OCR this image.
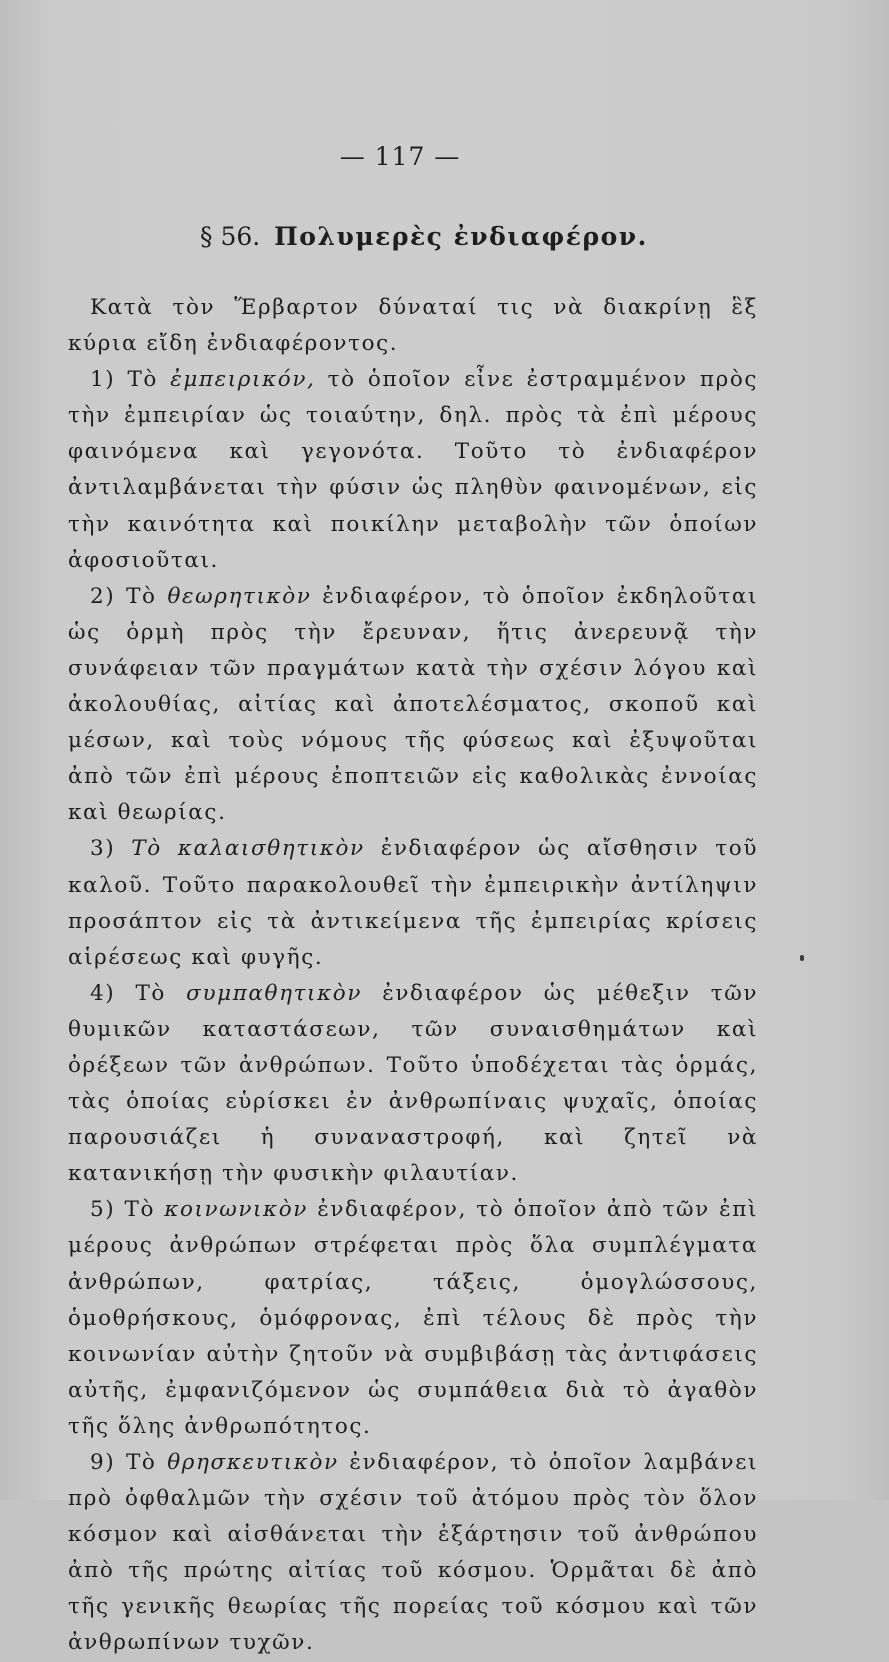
— 117 —
§ 56. Πολυμερὲς ἐνδιαφέρον.

Κατὰ τὸν Ἕρβαρτον δύναταί τις νὰ διακρίνῃ ἓξ κύρια εἴδη ἐνδιαφέροντος.

1) Τὸ ἐμπειρικόν, τὸ ὁποῖον εἶνε ἐστραμμένον πρὸς τὴν ἐμπειρίαν ὡς τοιαύτην, δηλ. πρὸς τὰ ἐπὶ μέρους φαινόμενα καὶ γεγονότα. Τοῦτο τὸ ἐνδιαφέρον ἀντιλαμβάνεται τὴν φύσιν ὡς πληθὺν φαινομένων, εἰς τὴν καινότητα καὶ ποικίλην μεταβολὴν τῶν ὁποίων ἀφοσιοῦται.

2) Τὸ θεωρητικὸν ἐνδιαφέρον, τὸ ὁποῖον ἐκδηλοῦται ὡς ὁρμὴ πρὸς τὴν ἔρευναν, ἥτις ἀνερευνᾷ τὴν συνάφειαν τῶν πραγμάτων κατὰ τὴν σχέσιν λόγου καὶ ἀκολουθίας, αἰτίας καὶ ἀποτελέσματος, σκοποῦ καὶ μέσων, καὶ τοὺς νόμους τῆς φύσεως καὶ ἐξυψοῦται ἀπὸ τῶν ἐπὶ μέρους ἐποπτειῶν εἰς καθολικὰς ἐννοίας καὶ θεωρίας.

3) Τὸ καλαισθητικὸν ἐνδιαφέρον ὡς αἴσθησιν τοῦ καλοῦ. Τοῦτο παρακολουθεῖ τὴν ἐμπειρικὴν ἀντίληψιν προσάπτον εἰς τὰ ἀντικείμενα τῆς ἐμπειρίας κρίσεις αἱρέσεως καὶ φυγῆς.

4) Τὸ συμπαθητικὸν ἐνδιαφέρον ὡς μέθεξιν τῶν θυμικῶν καταστάσεων, τῶν συναισθημάτων καὶ ὀρέξεων τῶν ἀνθρώπων. Τοῦτο ὑποδέχεται τὰς ὁρμάς, τὰς ὁποίας εὑρίσκει ἐν ἀνθρωπίναις ψυχαῖς, ὁποίας παρουσιάζει ἡ συναναστροφή, καὶ ζητεῖ νὰ κατανικήσῃ τὴν φυσικὴν φιλαυτίαν.

5) Τὸ κοινωνικὸν ἐνδιαφέρον, τὸ ὁποῖον ἀπὸ τῶν ἐπὶ μέρους ἀνθρώπων στρέφεται πρὸς ὅλα συμπλέγματα ἀνθρώπων, φατρίας, τάξεις, ὁμογλώσσους, ὁμοθρήσκους, ὁμόφρονας, ἐπὶ τέλους δὲ πρὸς τὴν κοινωνίαν αὐτὴν ζητοῦν νὰ συμβιβάσῃ τὰς ἀντιφάσεις αὐτῆς, ἐμφανιζόμενον ὡς συμπάθεια διὰ τὸ ἀγαθὸν τῆς ὅλης ἀνθρωπότητος.

9) Τὸ θρησκευτικὸν ἐνδιαφέρον, τὸ ὁποῖον λαμβάνει πρὸ ὀφθαλμῶν τὴν σχέσιν τοῦ ἀτόμου πρὸς τὸν ὅλον κόσμον καὶ αἰσθάνεται τὴν ἐξάρτησιν τοῦ ἀνθρώπου ἀπὸ τῆς πρώτης αἰτίας τοῦ κόσμου. Ὁρμᾶται δὲ ἀπὸ τῆς γενικῆς θεωρίας τῆς πορείας τοῦ κόσμου καὶ τῶν ἀνθρωπίνων τυχῶν.
